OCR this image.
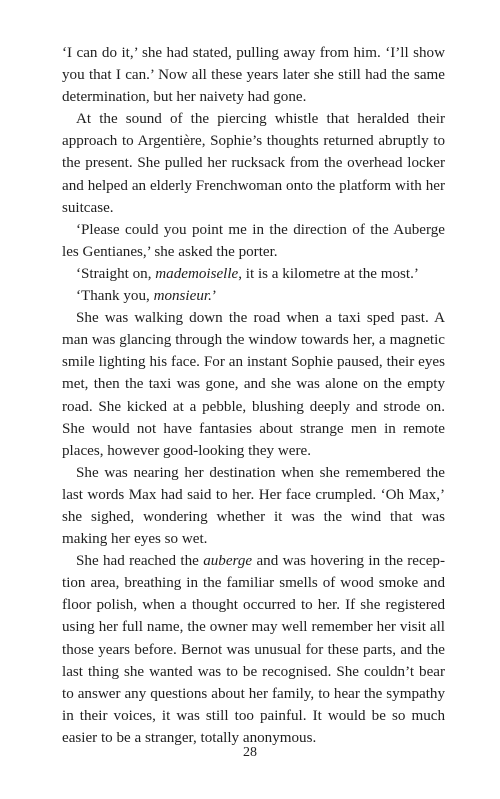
‘I can do it,’ she had stated, pulling away from him. ‘I’ll show you that I can.’ Now all these years later she still had the same determination, but her naivety had gone.

At the sound of the piercing whistle that heralded their approach to Argentière, Sophie’s thoughts returned abruptly to the present. She pulled her rucksack from the overhead locker and helped an elderly Frenchwoman onto the platform with her suitcase.

‘Please could you point me in the direction of the Auberge les Gentianes,’ she asked the porter.

‘Straight on, mademoiselle, it is a kilometre at the most.’

‘Thank you, monsieur.’

She was walking down the road when a taxi sped past. A man was glancing through the window towards her, a magnetic smile lighting his face. For an instant Sophie paused, their eyes met, then the taxi was gone, and she was alone on the empty road. She kicked at a pebble, blushing deeply and strode on. She would not have fantasies about strange men in remote places, however good-looking they were.

She was nearing her destination when she remembered the last words Max had said to her. Her face crumpled. ‘Oh Max,’ she sighed, wondering whether it was the wind that was making her eyes so wet.

She had reached the auberge and was hovering in the reception area, breathing in the familiar smells of wood smoke and floor polish, when a thought occurred to her. If she registered using her full name, the owner may well remember her visit all those years before. Bernot was unusual for these parts, and the last thing she wanted was to be recognised. She couldn’t bear to answer any questions about her family, to hear the sympathy in their voices, it was still too painful. It would be so much easier to be a stranger, totally anonymous.

28
